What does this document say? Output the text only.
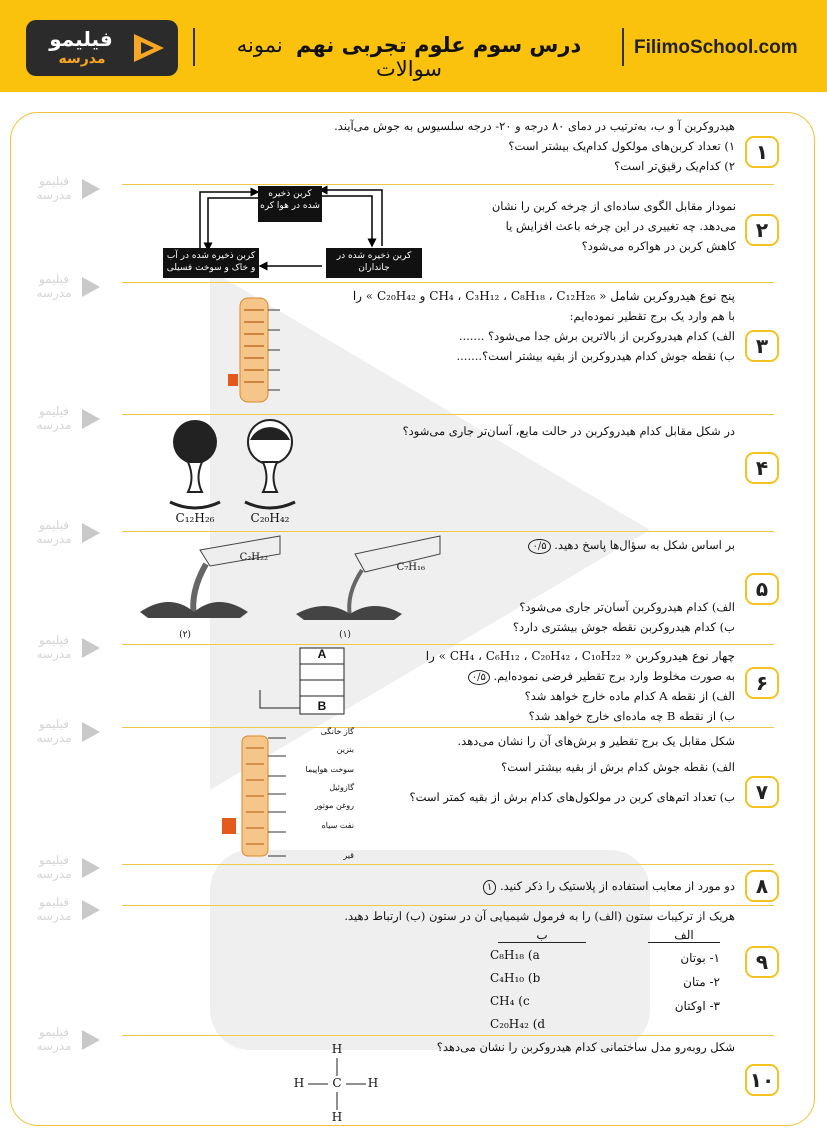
فیلیمو
مدرسه
درس سوم علوم تجربی نهم  نمونه سوالات
FilimoSchool.com
فیلیمو
مدرسه
فیلیمو
مدرسه
فیلیمو
مدرسه
فیلیمو
مدرسه
فیلیمو
مدرسه
فیلیمو
مدرسه
فیلیمو
مدرسه
فیلیمو
مدرسه
فیلیمو
مدرسه
۱
هیدروکربن آ و ب، به‌ترتیب در دمای ۸۰ درجه و ۲۰- درجه سلسیوس به جوش می‌آیند.
۱) تعداد کربن‌های مولکول کدام‌یک بیشتر است؟
۲) کدام‌یک رقیق‌تر است؟
۲
نمودار مقابل الگوی ساده‌ای از چرخه کربن را نشان
می‌دهد. چه تغییری در این چرخه باعث افزایش یا
کاهش کربن در هواکره می‌شود؟
کربن ذخیره شده در هوا کره
کربن ذخیره شده در آب و خاک و سوخت فسیلی
کربن ذخیره شده در جانداران
۳
پنج نوع هیدروکربن شامل « CH₄ ، C₃H₁₂ ، C₈H₁₈ ، C₁₂H₂₆ و C₂₀H₄₂ » را
با هم وارد یک برج تقطیر نموده‌ایم:
الف) کدام هیدروکربن از بالاترین برش جدا می‌شود؟ .......
ب) نقطه جوش کدام هیدروکربن از بقیه بیشتر است؟.......
۴
در شکل مقابل کدام هیدروکربن در حالت مایع، آسان‌تر جاری می‌شود؟
C₁₂H₂₆	C₂₀H₄₂
۵
بر اساس شکل به سؤال‌ها پاسخ دهید. ۰/۵
الف) کدام هیدروکربن آسان‌تر جاری می‌شود؟
ب) کدام هیدروکربن نقطه جوش بیشتری دارد؟
C₂H₂₂
C₇H₁₆
(۲)	(۱)
۶
چهار نوع هیدروکربن « CH₄ ، C₆H₁₂ ، C₂₀H₄₂ ، C₁₀H₂₂ » را
به صورت مخلوط وارد برج تقطیر فرضی نموده‌ایم. ۰/۵
الف) از نقطه A کدام ماده خارج خواهد شد؟
ب) از نقطه B چه ماده‌ای خارج خواهد شد؟
A
B
۷
شکل مقابل یک برج تقطیر و برش‌های آن را نشان می‌دهد.
الف) نقطه جوش کدام برش از بقیه بیشتر است؟
ب) تعداد اتم‌های کربن در مولکول‌های کدام برش از بقیه کمتر است؟
گاز خانگی
بنزین
سوخت هواپیما
گازوئیل
روغن موتور
نفت سیاه
قیر
۸
دو مورد از معایب استفاده از پلاستیک را ذکر کنید. ۱
۹
هریک از ترکیبات ستون (الف) را به فرمول شیمیایی آن در ستون (ب) ارتباط دهید.
الف
ب
۱- بوتان
۲- متان
۳- اوکتان
C₈H₁₈ (a
C₄H₁₀ (b
CH₄ (c
C₂₀H₄₂ (d
۱۰
شکل روبه‌رو مدل ساختمانی کدام هیدروکربن را نشان می‌دهد؟
H
H C H
H
